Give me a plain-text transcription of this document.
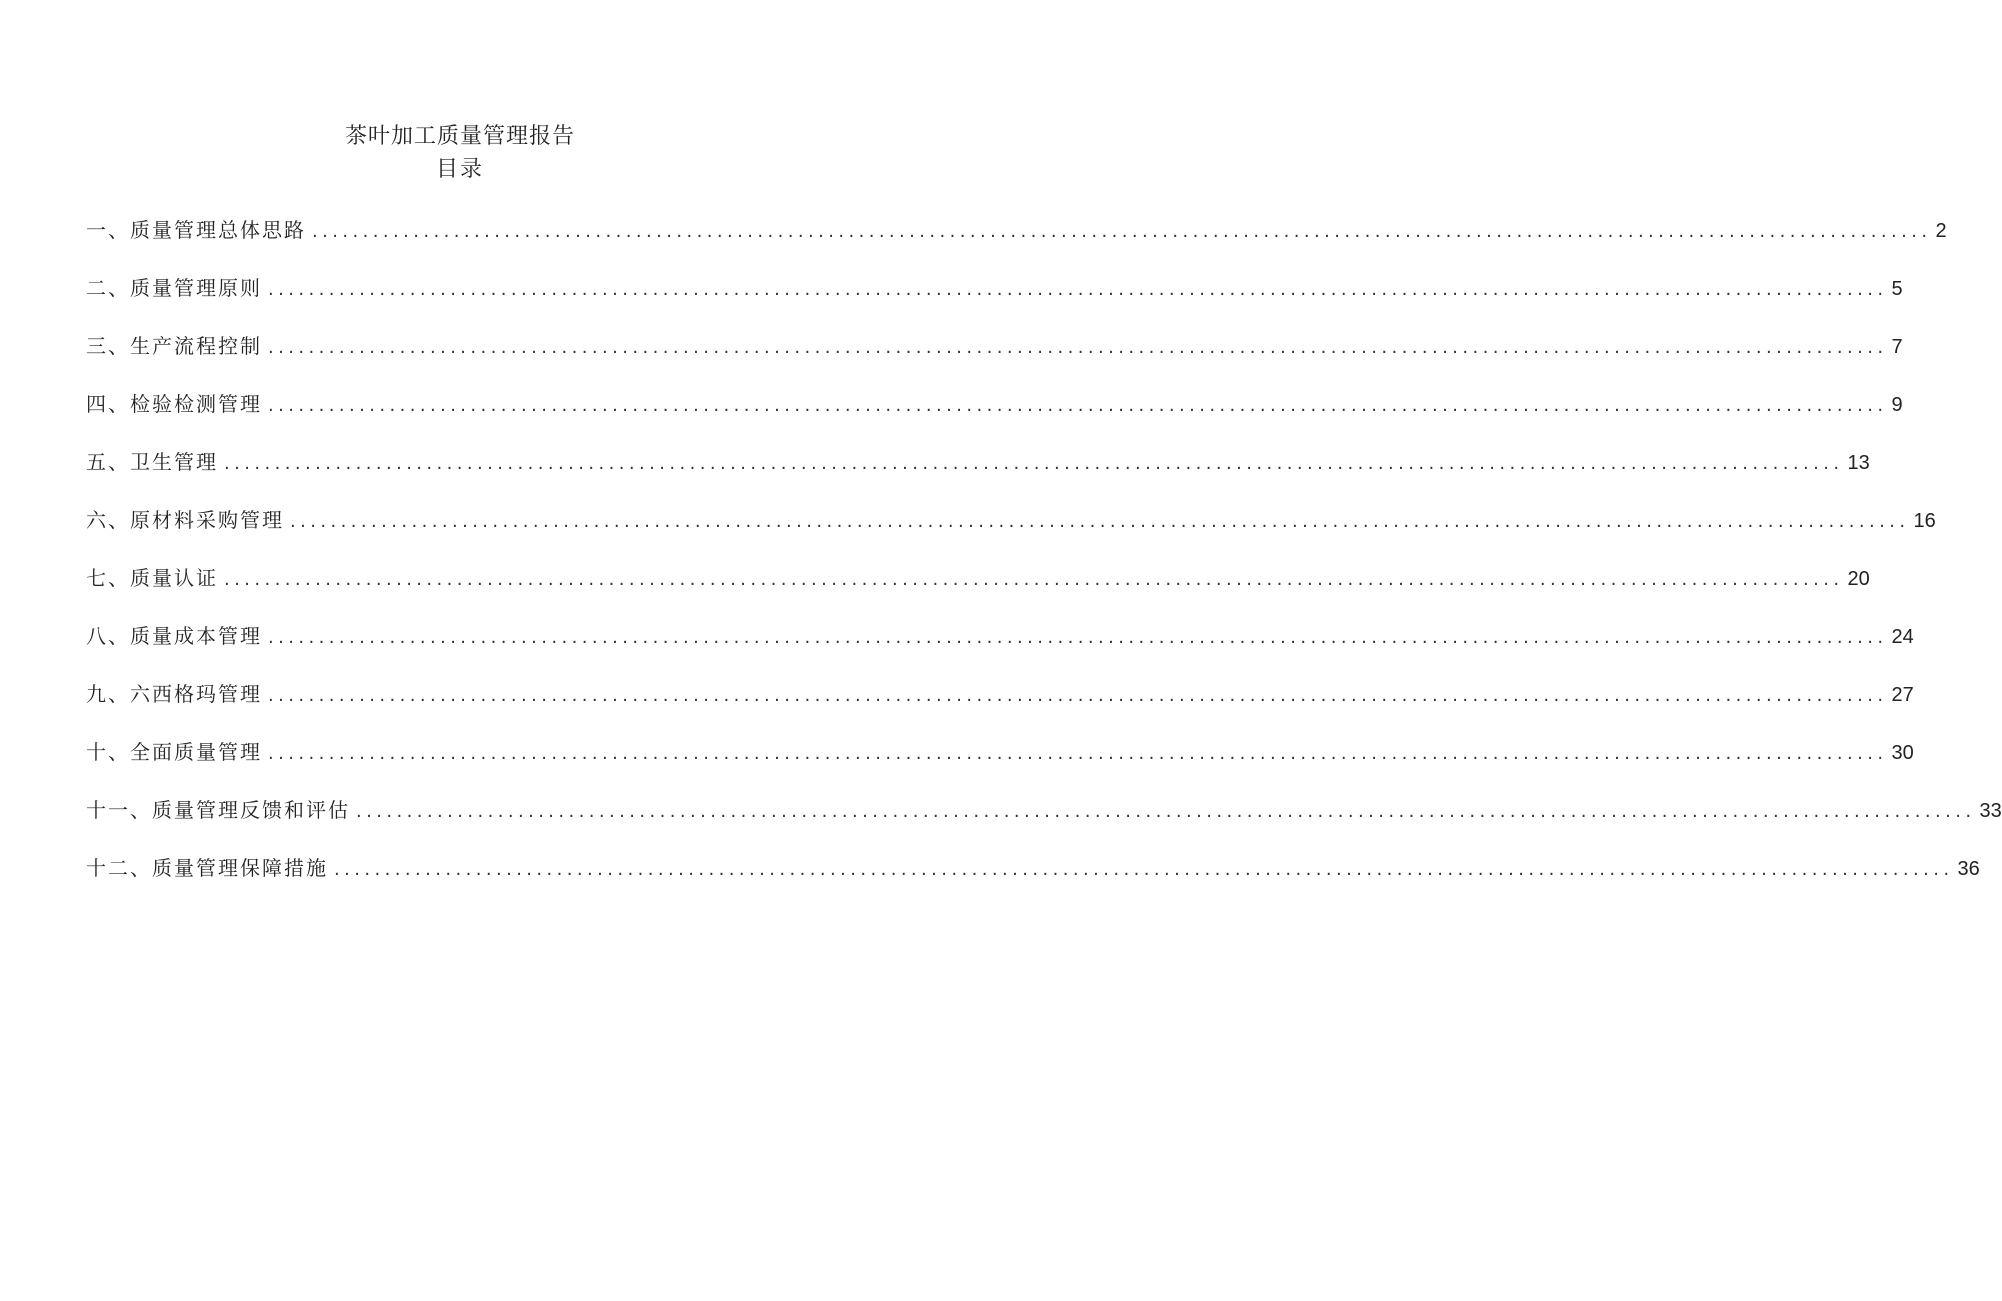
茶叶加工质量管理报告
目录
一、质量管理总体思路 ................................................................................................................................................................ 2
二、质量管理原则 ................................................................................................................................................................ 5
三、生产流程控制 ................................................................................................................................................................ 7
四、检验检测管理 ................................................................................................................................................................ 9
五、卫生管理 ................................................................................................................................................................ 13
六、原材料采购管理 ................................................................................................................................................................ 16
七、质量认证 ................................................................................................................................................................ 20
八、质量成本管理 ................................................................................................................................................................ 24
九、六西格玛管理 ................................................................................................................................................................ 27
十、全面质量管理 ................................................................................................................................................................ 30
十一、质量管理反馈和评估 ................................................................................................................................................................ 33
十二、质量管理保障措施 ................................................................................................................................................................ 36
